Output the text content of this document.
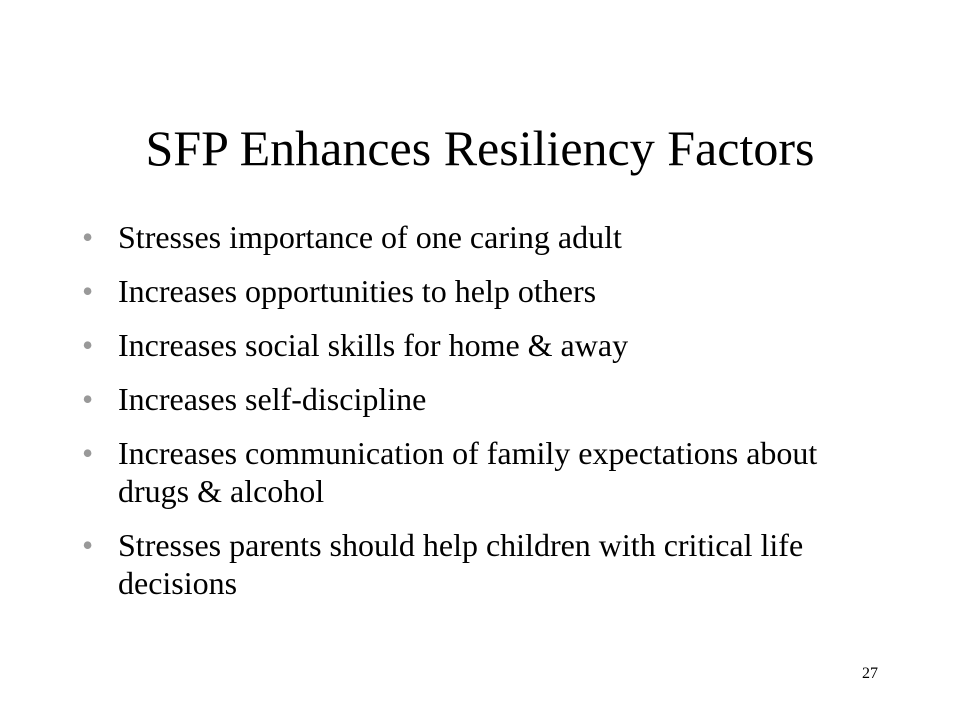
SFP Enhances Resiliency Factors
• Stresses importance of one caring adult
• Increases opportunities to help others
• Increases social skills for home & away
• Increases self-discipline
• Increases communication of family expectations about drugs & alcohol
• Stresses parents should help children with critical life decisions
27
